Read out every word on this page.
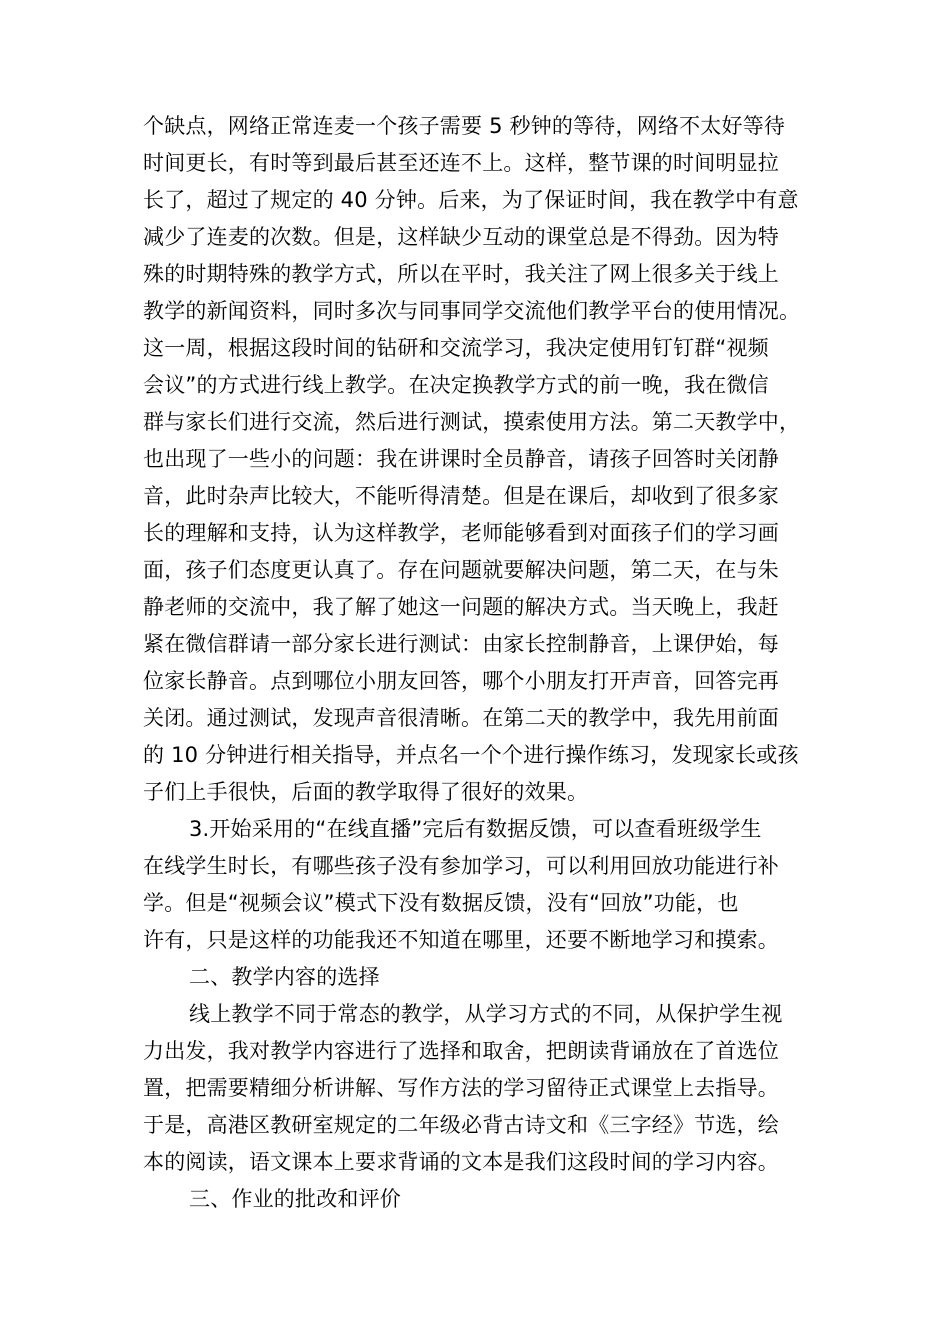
个缺点，网络正常连麦一个孩子需要 5 秒钟的等待，网络不太好等待
时间更长，有时等到最后甚至还连不上。这样，整节课的时间明显拉
长了，超过了规定的 40 分钟。后来，为了保证时间，我在教学中有意
减少了连麦的次数。但是，这样缺少互动的课堂总是不得劲。因为特
殊的时期特殊的教学方式，所以在平时，我关注了网上很多关于线上
教学的新闻资料，同时多次与同事同学交流他们教学平台的使用情况。
这一周，根据这段时间的钻研和交流学习，我决定使用钉钉群“视频
会议”的方式进行线上教学。在决定换教学方式的前一晚，我在微信
群与家长们进行交流，然后进行测试，摸索使用方法。第二天教学中，
也出现了一些小的问题：我在讲课时全员静音，请孩子回答时关闭静
音，此时杂声比较大，不能听得清楚。但是在课后，却收到了很多家
长的理解和支持，认为这样教学，老师能够看到对面孩子们的学习画
面，孩子们态度更认真了。存在问题就要解决问题，第二天，在与朱
静老师的交流中，我了解了她这一问题的解决方式。当天晚上，我赶
紧在微信群请一部分家长进行测试：由家长控制静音，上课伊始，每
位家长静音。点到哪位小朋友回答，哪个小朋友打开声音，回答完再
关闭。通过测试，发现声音很清晰。在第二天的教学中，我先用前面
的 10 分钟进行相关指导，并点名一个个进行操作练习，发现家长或孩
子们上手很快，后面的教学取得了很好的效果。
3.开始采用的“在线直播”完后有数据反馈，可以查看班级学生
在线学生时长，有哪些孩子没有参加学习，可以利用回放功能进行补
学。但是“视频会议”模式下没有数据反馈，没有“回放”功能，也
许有，只是这样的功能我还不知道在哪里，还要不断地学习和摸索。
二、教学内容的选择
线上教学不同于常态的教学，从学习方式的不同，从保护学生视
力出发，我对教学内容进行了选择和取舍，把朗读背诵放在了首选位
置，把需要精细分析讲解、写作方法的学习留待正式课堂上去指导。
于是，高港区教研室规定的二年级必背古诗文和《三字经》节选，绘
本的阅读，语文课本上要求背诵的文本是我们这段时间的学习内容。
三、作业的批改和评价
